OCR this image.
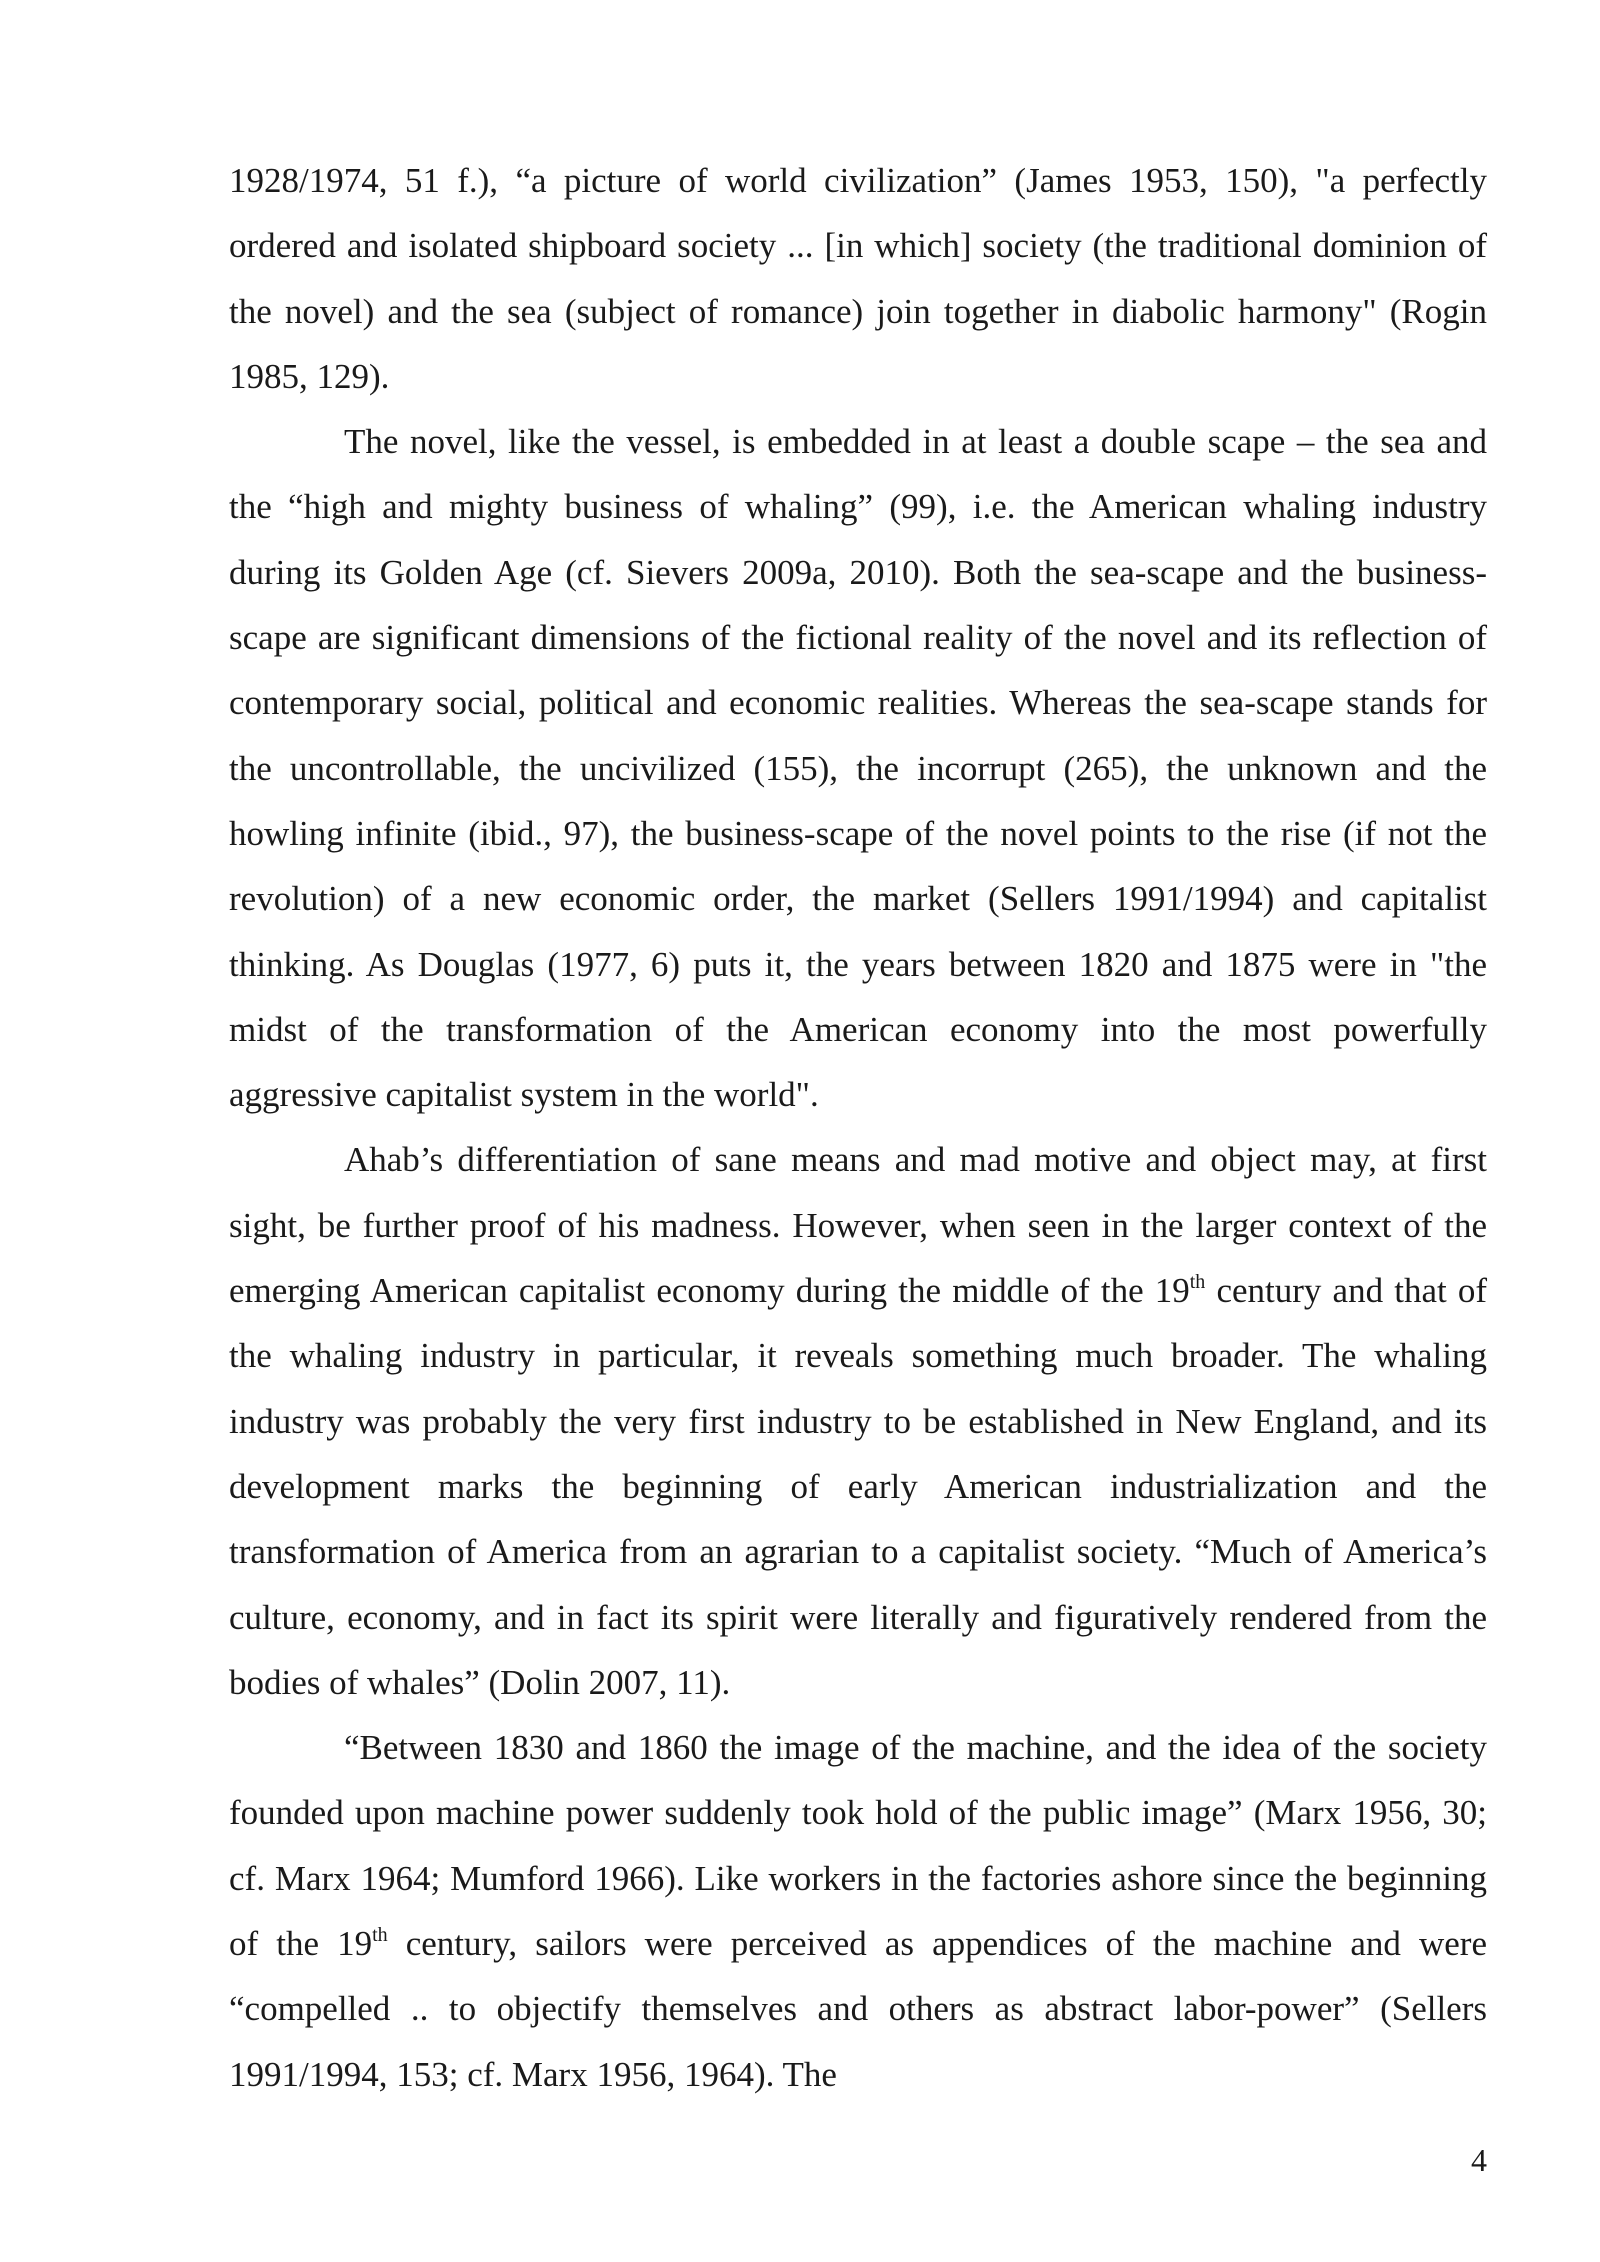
1928/1974, 51 f.), “a picture of world civilization” (James 1953, 150), "a perfectly ordered and isolated shipboard society ... [in which] society (the traditional dominion of the novel) and the sea (subject of romance) join together in diabolic harmony" (Rogin 1985, 129).

The novel, like the vessel, is embedded in at least a double scape – the sea and the “high and mighty business of whaling” (99), i.e. the American whaling industry during its Golden Age (cf. Sievers 2009a, 2010). Both the sea-scape and the business-scape are significant dimensions of the fictional reality of the novel and its reflection of contemporary social, political and economic realities. Whereas the sea-scape stands for the uncontrollable, the uncivilized (155), the incorrupt (265), the unknown and the howling infinite (ibid., 97), the business-scape of the novel points to the rise (if not the revolution) of a new economic order, the market (Sellers 1991/1994) and capitalist thinking. As Douglas (1977, 6) puts it, the years between 1820 and 1875 were in "the midst of the transformation of the American economy into the most powerfully aggressive capitalist system in the world".

Ahab’s differentiation of sane means and mad motive and object may, at first sight, be further proof of his madness. However, when seen in the larger context of the emerging American capitalist economy during the middle of the 19th century and that of the whaling industry in particular, it reveals something much broader. The whaling industry was probably the very first industry to be established in New England, and its development marks the beginning of early American industrialization and the transformation of America from an agrarian to a capitalist society. “Much of America’s culture, economy, and in fact its spirit were literally and figuratively rendered from the bodies of whales” (Dolin 2007, 11).

“Between 1830 and 1860 the image of the machine, and the idea of the society founded upon machine power suddenly took hold of the public image” (Marx 1956, 30; cf. Marx 1964; Mumford 1966). Like workers in the factories ashore since the beginning of the 19th century, sailors were perceived as appendices of the machine and were “compelled .. to objectify themselves and others as abstract labor-power” (Sellers 1991/1994, 153; cf. Marx 1956, 1964). The

4
